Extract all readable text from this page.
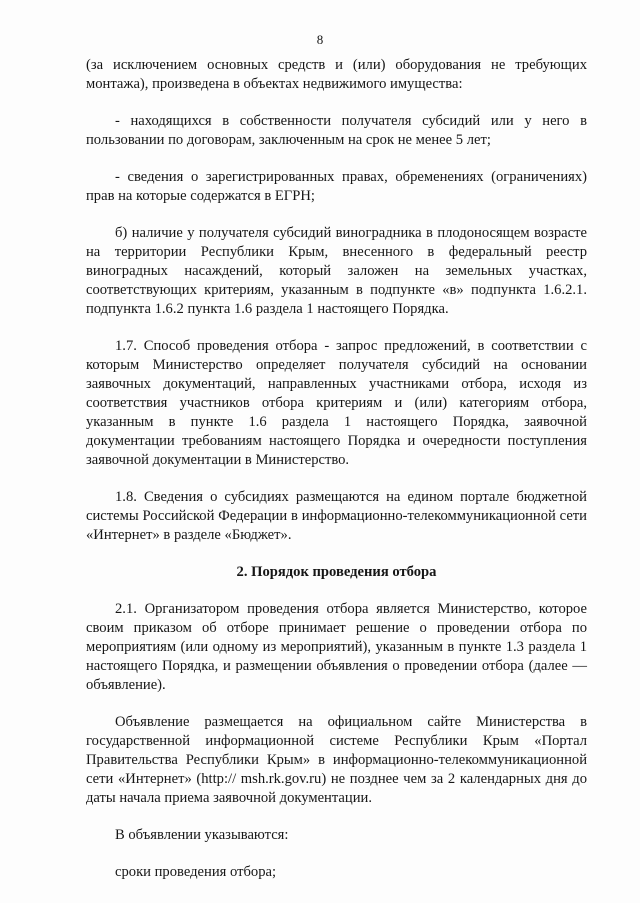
8

(за исключением основных средств и (или) оборудования не требующих монтажа), произведена в объектах недвижимого имущества:

- находящихся в собственности получателя субсидий или у него в пользовании по договорам, заключенным на срок не менее 5 лет;

- сведения о зарегистрированных правах, обременениях (ограничениях) прав на которые содержатся в ЕГРН;

б) наличие у получателя субсидий виноградника в плодоносящем возрасте на территории Республики Крым, внесенного в федеральный реестр виноградных насаждений, который заложен на земельных участках, соответствующих критериям, указанным в подпункте «в» подпункта 1.6.2.1. подпункта 1.6.2 пункта 1.6 раздела 1 настоящего Порядка.

1.7. Способ проведения отбора - запрос предложений, в соответствии с которым Министерство определяет получателя субсидий на основании заявочных документаций, направленных участниками отбора, исходя из соответствия участников отбора критериям и (или) категориям отбора, указанным в пункте 1.6 раздела 1 настоящего Порядка, заявочной документации требованиям настоящего Порядка и очередности поступления заявочной документации в Министерство.

1.8. Сведения о субсидиях размещаются на едином портале бюджетной системы Российской Федерации в информационно-телекоммуникационной сети «Интернет» в разделе «Бюджет».

2. Порядок проведения отбора

2.1. Организатором проведения отбора является Министерство, которое своим приказом об отборе принимает решение о проведении отбора по мероприятиям (или одному из мероприятий), указанным в пункте 1.3 раздела 1 настоящего Порядка, и размещении объявления о проведении отбора (далее — объявление).

Объявление размещается на официальном сайте Министерства в государственной информационной системе Республики Крым «Портал Правительства Республики Крым» в информационно-телекоммуникационной сети «Интернет» (http:// msh.rk.gov.ru) не позднее чем за 2 календарных дня до даты начала приема заявочной документации.

В объявлении указываются:

сроки проведения отбора;
